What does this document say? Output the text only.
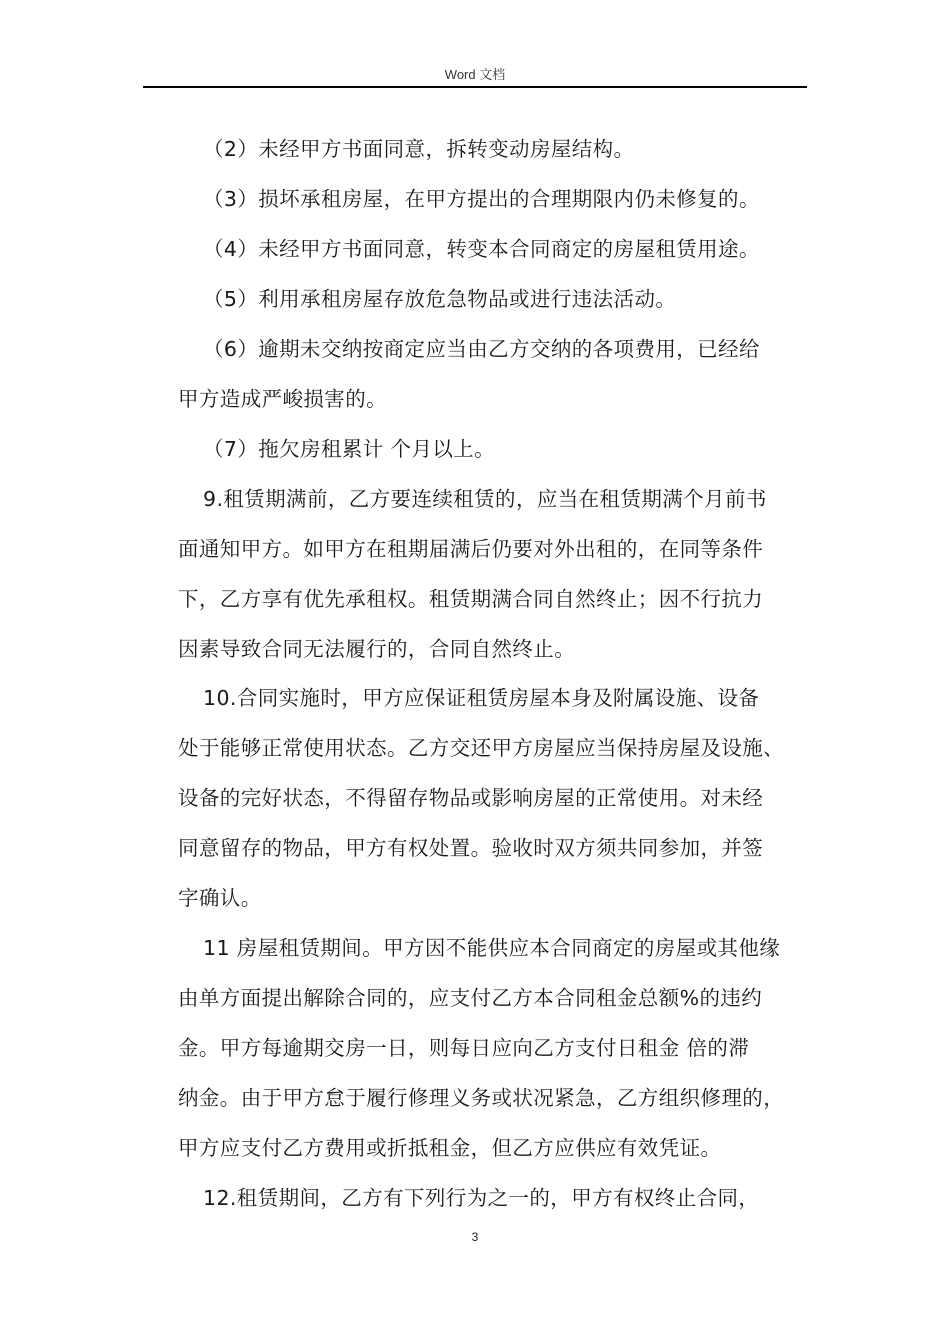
Word 文档
（2）未经甲方书面同意，拆转变动房屋结构。
（3）损坏承租房屋，在甲方提出的合理期限内仍未修复的。
（4）未经甲方书面同意，转变本合同商定的房屋租赁用途。
（5）利用承租房屋存放危急物品或进行违法活动。
（6）逾期未交纳按商定应当由乙方交纳的各项费用，已经给
甲方造成严峻损害的。
（7）拖欠房租累计 个月以上。
9.租赁期满前，乙方要连续租赁的，应当在租赁期满个月前书
面通知甲方。如甲方在租期届满后仍要对外出租的，在同等条件
下，乙方享有优先承租权。租赁期满合同自然终止；因不行抗力
因素导致合同无法履行的，合同自然终止。
10.合同实施时，甲方应保证租赁房屋本身及附属设施、设备
处于能够正常使用状态。乙方交还甲方房屋应当保持房屋及设施、
设备的完好状态，不得留存物品或影响房屋的正常使用。对未经
同意留存的物品，甲方有权处置。验收时双方须共同参加，并签
字确认。
11 房屋租赁期间。甲方因不能供应本合同商定的房屋或其他缘
由单方面提出解除合同的，应支付乙方本合同租金总额%的违约
金。甲方每逾期交房一日，则每日应向乙方支付日租金 倍的滞
纳金。由于甲方怠于履行修理义务或状况紧急，乙方组织修理的，
甲方应支付乙方费用或折抵租金，但乙方应供应有效凭证。
12.租赁期间，乙方有下列行为之一的，甲方有权终止合同，
3
